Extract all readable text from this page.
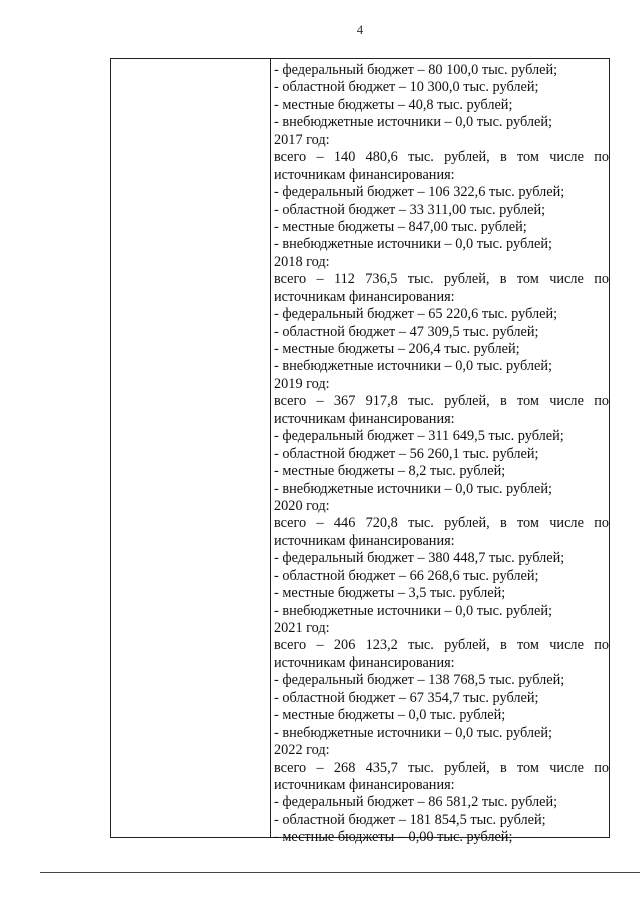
4
- федеральный бюджет – 80 100,0 тыс. рублей;
- областной бюджет – 10 300,0 тыс. рублей;
- местные бюджеты – 40,8 тыс. рублей;
- внебюджетные источники – 0,0 тыс. рублей;
2017 год:
всего – 140 480,6 тыс. рублей, в том числе по
источникам финансирования:
- федеральный бюджет – 106 322,6 тыс. рублей;
- областной бюджет – 33 311,00 тыс. рублей;
- местные бюджеты – 847,00 тыс. рублей;
- внебюджетные источники – 0,0 тыс. рублей;
2018 год:
всего – 112 736,5 тыс. рублей, в том числе по
источникам финансирования:
- федеральный бюджет – 65 220,6 тыс. рублей;
- областной бюджет – 47 309,5 тыс. рублей;
- местные бюджеты – 206,4 тыс. рублей;
- внебюджетные источники – 0,0 тыс. рублей;
2019 год:
всего – 367 917,8 тыс. рублей, в том числе по
источникам финансирования:
- федеральный бюджет – 311 649,5 тыс. рублей;
- областной бюджет – 56 260,1 тыс. рублей;
- местные бюджеты – 8,2 тыс. рублей;
- внебюджетные источники – 0,0 тыс. рублей;
2020 год:
всего – 446 720,8 тыс. рублей, в том числе по
источникам финансирования:
- федеральный бюджет – 380 448,7 тыс. рублей;
- областной бюджет – 66 268,6 тыс. рублей;
- местные бюджеты – 3,5 тыс. рублей;
- внебюджетные источники – 0,0 тыс. рублей;
2021 год:
всего – 206 123,2 тыс. рублей, в том числе по
источникам финансирования:
- федеральный бюджет – 138 768,5 тыс. рублей;
- областной бюджет – 67 354,7 тыс. рублей;
- местные бюджеты – 0,0 тыс. рублей;
- внебюджетные источники – 0,0 тыс. рублей;
2022 год:
всего – 268 435,7 тыс. рублей, в том числе по
источникам финансирования:
- федеральный бюджет – 86 581,2 тыс. рублей;
- областной бюджет – 181 854,5 тыс. рублей;
- местные бюджеты – 0,00 тыс. рублей;
